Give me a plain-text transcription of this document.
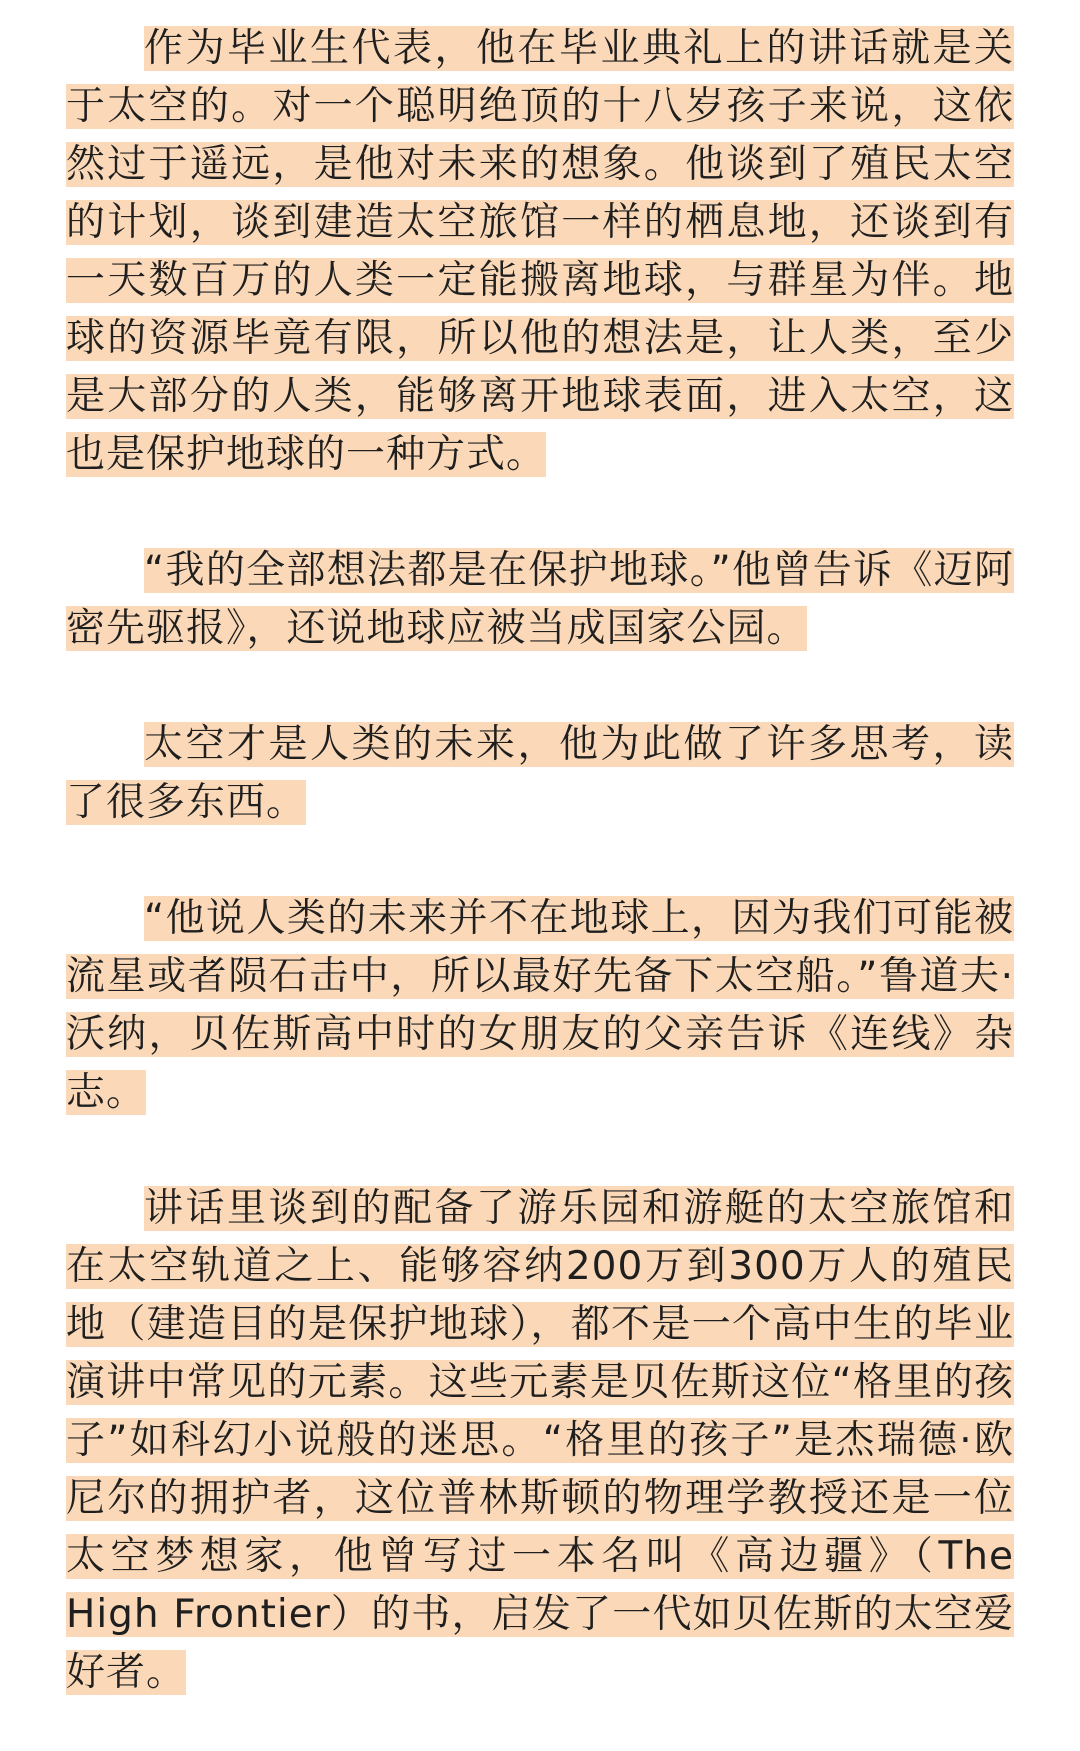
作为毕业生代表，他在毕业典礼上的讲话就是关于太空的。对一个聪明绝顶的十八岁孩子来说，这依然过于遥远，是他对未来的想象。他谈到了殖民太空的计划，谈到建造太空旅馆一样的栖息地，还谈到有一天数百万的人类一定能搬离地球，与群星为伴。地球的资源毕竟有限，所以他的想法是，让人类，至少是大部分的人类，能够离开地球表面，进入太空，这也是保护地球的一种方式。

“我的全部想法都是在保护地球。”他曾告诉《迈阿密先驱报》，还说地球应被当成国家公园。

太空才是人类的未来，他为此做了许多思考，读了很多东西。

“他说人类的未来并不在地球上，因为我们可能被流星或者陨石击中，所以最好先备下太空船。”鲁道夫·沃纳，贝佐斯高中时的女朋友的父亲告诉《连线》杂志。

讲话里谈到的配备了游乐园和游艇的太空旅馆和在太空轨道之上、能够容纳200万到300万人的殖民地（建造目的是保护地球），都不是一个高中生的毕业演讲中常见的元素。这些元素是贝佐斯这位“格里的孩子”如科幻小说般的迷思。“格里的孩子”是杰瑞德·欧尼尔的拥护者，这位普林斯顿的物理学教授还是一位太空梦想家，他曾写过一本名叫《高边疆》（The High Frontier）的书，启发了一代如贝佐斯的太空爱好者。
